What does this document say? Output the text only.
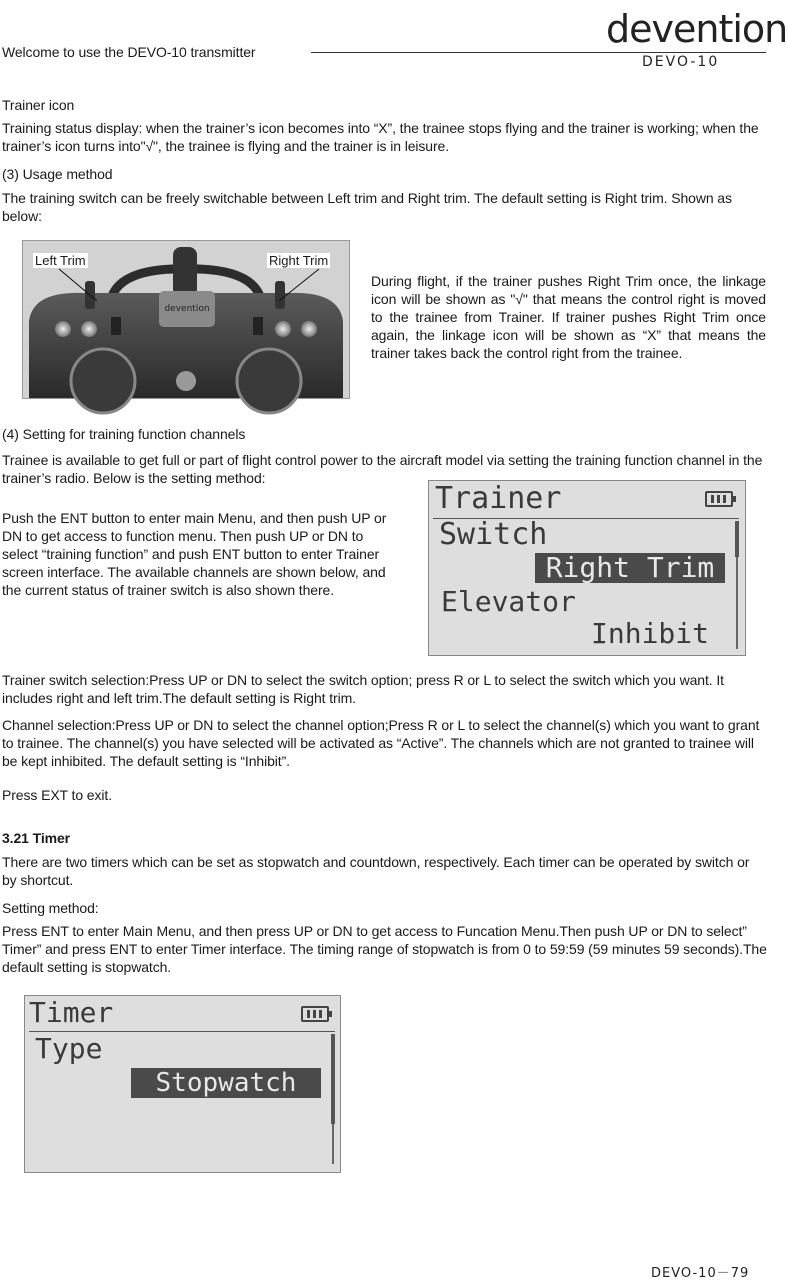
Welcome to use the DEVO-10 transmitter
devention
DEVO-10
Trainer icon
Training status display: when the trainer’s icon becomes into “X”, the trainee stops flying and the trainer is working; when the trainer’s icon turns into"√", the trainee is flying and the trainer is in leisure.
(3) Usage method
The training switch can be freely switchable between Left trim and Right trim. The default setting is Right trim. Shown as below:
devention
Left Trim	Right Trim
During flight, if the trainer pushes Right Trim once, the linkage icon will be shown as "√" that means the control right is moved to the trainee from Trainer. If trainer pushes Right Trim once again, the linkage icon will be shown as “X” that means the trainer takes back the control right from the trainee.
(4) Setting for training function channels
Trainee is available to get full or part of flight control power to the aircraft model via setting the training function channel in the trainer’s radio. Below is the setting method:
Push the ENT button to enter main Menu, and then push UP or DN to get access to function menu. Then push UP or DN to select “training function” and push ENT button to enter Trainer screen interface. The available channels are shown below, and the current status of trainer switch is also shown there.
Trainer
Switch
Right Trim
Elevator
Inhibit
Trainer switch selection:Press UP or DN to select the switch option; press R or L to select the switch which you want. It includes right and left trim.The default setting is Right trim.
Channel selection:Press UP or DN to select the channel option;Press R or L to select the channel(s) which you want to grant to trainee. The channel(s) you have selected will be activated as “Active”. The channels which are not granted to trainee will be kept inhibited. The default setting is “Inhibit”.
Press EXT to exit.
3.21 Timer
There are two timers which can be set as stopwatch and countdown, respectively. Each timer can be operated by switch or by shortcut.
Setting method:
Press ENT to enter Main Menu, and then press UP or DN to get access to Funcation Menu.Then push UP or DN to select” Timer” and press ENT to enter Timer interface. The timing range of stopwatch is from 0 to 59:59 (59 minutes 59 seconds).The default setting is stopwatch.
Timer
Type
Stopwatch
DEVO-10－79
